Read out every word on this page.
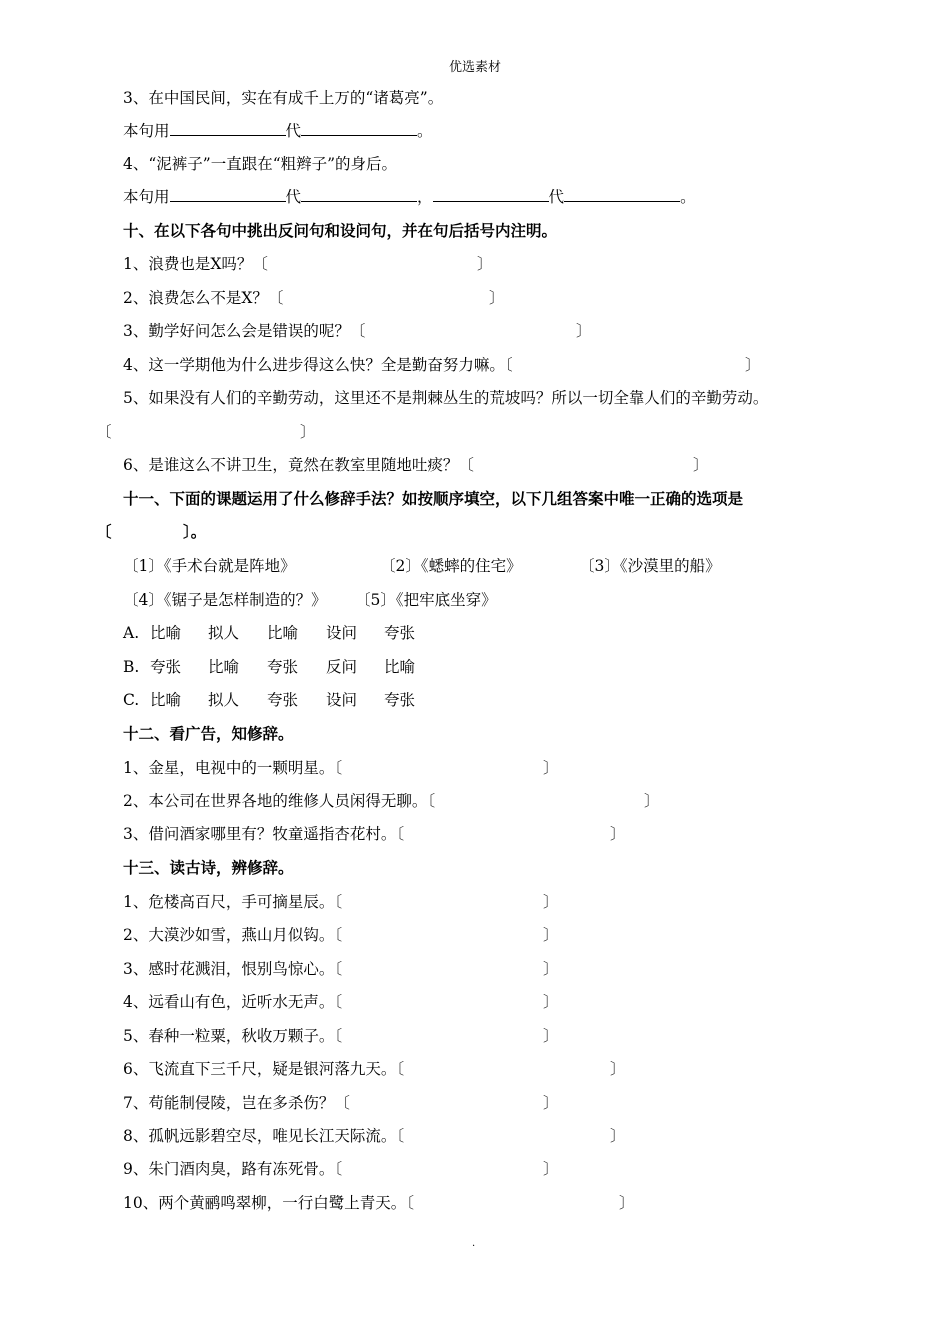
优选素材
3、在中国民间，实在有成千上万的“诸葛亮”。
本句用	代	。
4、“泥裤子”一直跟在“粗辫子”的身后。
本句用	代	，	代	。
十、在以下各句中挑出反问句和设问句，并在句后括号内注明。
1、浪费也是X吗？〔	〕
2、浪费怎么不是X？〔	〕
3、勤学好问怎么会是错误的呢？〔	〕
4、这一学期他为什么进步得这么快？全是勤奋努力嘛。〔	〕
5、如果没有人们的辛勤劳动，这里还不是荆棘丛生的荒坡吗？所以一切全靠人们的辛勤劳动。
〔	〕
6、是谁这么不讲卫生，竟然在教室里随地吐痰？〔	〕
十一、下面的课题运用了什么修辞手法？如按顺序填空，以下几组答案中唯一正确的选项是
〔	〕。
〔1〕《手术台就是阵地》	〔2〕《蟋蟀的住宅》	〔3〕《沙漠里的船》
〔4〕《锯子是怎样制造的？》 〔5〕《把牢底坐穿》
A. 比喻 拟人 比喻 设问 夸张
B. 夸张 比喻 夸张 反问 比喻
C. 比喻 拟人 夸张 设问 夸张
十二、看广告，知修辞。
1、金星，电视中的一颗明星。〔	〕
2、本公司在世界各地的维修人员闲得无聊。〔	〕
3、借问酒家哪里有？牧童遥指杏花村。〔	〕
十三、读古诗，辨修辞。
1、危楼高百尺，手可摘星辰。〔	〕
2、大漠沙如雪，燕山月似钩。〔	〕
3、感时花溅泪，恨别鸟惊心。〔	〕
4、远看山有色，近听水无声。〔	〕
5、春种一粒粟，秋收万颗子。〔	〕
6、飞流直下三千尺，疑是银河落九天。〔	〕
7、苟能制侵陵，岂在多杀伤？〔	〕
8、孤帆远影碧空尽，唯见长江天际流。〔	〕
9、朱门酒肉臭，路有冻死骨。〔	〕
10、两个黄鹂鸣翠柳，一行白鹭上青天。〔	〕
.
